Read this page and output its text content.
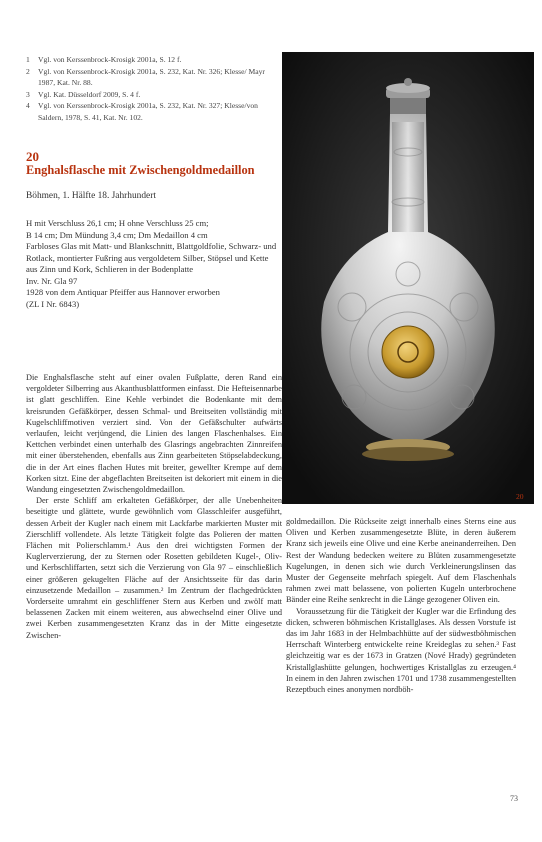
1	Vgl. von Kerssenbrock-Krosigk 2001a, S. 12 f.
2	Vgl. von Kerssenbrock-Krosigk 2001a, S. 232, Kat. Nr. 326; Klesse/ Mayr 1987, Kat. Nr. 88.
3	Vgl. Kat. Düsseldorf 2009, S. 4 f.
4	Vgl. von Kerssenbrock-Krosigk 2001a, S. 232, Kat. Nr. 327; Klesse/von Saldern, 1978, S. 41, Kat. Nr. 102.
20
Enghalsflasche mit Zwischengoldmedaillon
Böhmen, 1. Hälfte 18. Jahrhundert
H mit Verschluss 26,1 cm; H ohne Verschluss 25 cm;
B 14 cm; Dm Mündung 3,4 cm; Dm Medaillon 4 cm
Farbloses Glas mit Matt- und Blankschnitt, Blattgoldfolie, Schwarz- und Rotlack, montierter Fußring aus vergoldetem Silber, Stöpsel und Kette aus Zinn und Kork, Schlieren in der Bodenplatte
Inv. Nr. Gla 97
1928 von dem Antiquar Pfeiffer aus Hannover erworben
(ZL I Nr. 6843)

Die Enghalsflasche steht auf einer ovalen Fußplatte, deren Rand ein vergoldeter Silberring aus Akanthusblattformen einfasst. Die Hefteisennarbe ist glatt geschliffen. Eine Kehle verbindet die Bodenkante mit dem kreisrunden Gefäßkörper, dessen Schmal- und Breitseiten vollständig mit Kugelschliffmotiven verziert sind. Von der Gefäßschulter aufwärts verlaufen, leicht verjüngend, die Linien des langen Flaschenhalses. Ein Kettchen verbindet einen unterhalb des Glasrings angebrachten Zinnreifen mit einer überstehenden, ebenfalls aus Zinn gearbeiteten Stöpselabdeckung, die in der Art eines flachen Hutes mit breiter, gewellter Krempe auf dem Korken sitzt. Eine der abgeflachten Breitseiten ist dekoriert mit einem in die Wandung eingesetzten Zwischengoldmedaillon.

Der erste Schliff am erkalteten Gefäßkörper, der alle Unebenheiten beseitigte und glättete, wurde gewöhnlich vom Glasschleifer ausgeführt, dessen Arbeit der Kugler nach einem mit Lackfarbe markierten Muster mit Zierschliff vollendete. Als letzte Tätigkeit folgte das Polieren der matten Flächen mit Polierschlamm.¹ Aus den drei wichtigsten Formen der Kuglerverzierung, der zu Sternen oder Rosetten gebildeten Kugel-, Oliv- und Kerbschliffarten, setzt sich die Verzierung von Gla 97 – einschließlich einer größeren gekugelten Fläche auf der Ansichtsseite für das darin einzusetzende Medaillon – zusammen.² Im Zentrum der flachgedrückten Vorderseite umrahmt ein geschliffener Stern aus Kerben und zwölf matt belassenen Zacken mit einem weiteren, aus abwechselnd einer Olive und zwei Kerben zusammengesetzten Kranz das in der Mitte eingesetzte Zwischen-

20

goldmedaillon. Die Rückseite zeigt innerhalb eines Sterns eine aus Oliven und Kerben zusammengesetzte Blüte, in deren äußerem Kranz sich jeweils eine Olive und eine Kerbe aneinanderreihen. Den Rest der Wandung bedecken weitere zu Blüten zusammengesetzte Kugelungen, in denen sich wie durch Verkleinerungslinsen das Muster der Gegenseite mehrfach spiegelt. Auf dem Flaschenhals rahmen zwei matt belassene, von polierten Kugeln unterbrochene Bänder eine Reihe senkrecht in die Länge gezogener Oliven ein.

Voraussetzung für die Tätigkeit der Kugler war die Erfindung des dicken, schweren böhmischen Kristallglases. Als dessen Vorstufe ist das im Jahr 1683 in der Helmbachhütte auf der südwestböhmischen Herrschaft Winterberg entwickelte reine Kreideglas zu sehen.³ Fast gleichzeitig war es der 1673 in Gratzen (Nové Hrady) gegründeten Kristallglashütte gelungen, hochwertiges Kristallglas zu erzeugen.⁴ In einem in den Jahren zwischen 1701 und 1738 zusammengestellten Rezeptbuch eines anonymen nordböh-

73
